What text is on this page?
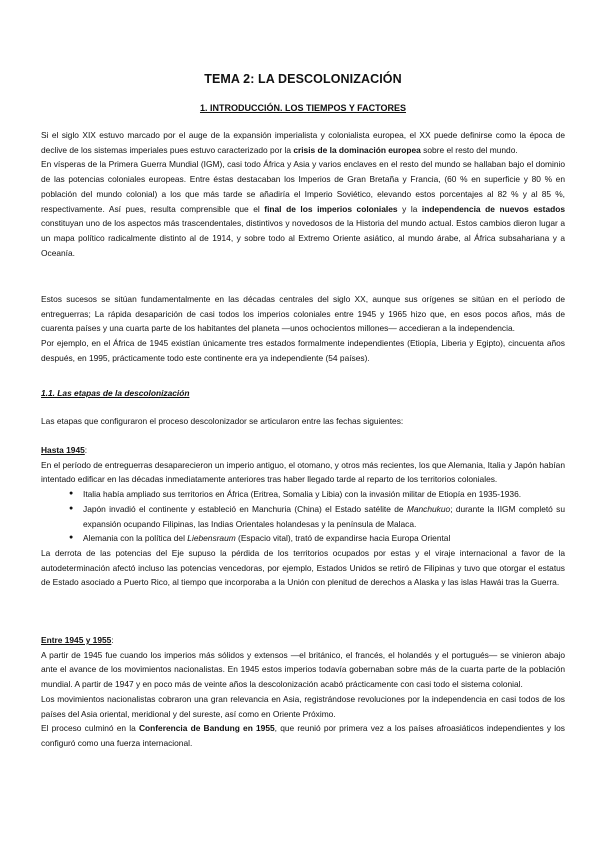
TEMA 2: LA DESCOLONIZACIÓN
1. INTRODUCCIÓN. LOS TIEMPOS Y FACTORES

Si el siglo XIX estuvo marcado por el auge de la expansión imperialista y colonialista europea, el XX puede definirse como la época de declive de los sistemas imperiales pues estuvo caracterizado por la crisis de la dominación europea sobre el resto del mundo.

En vísperas de la Primera Guerra Mundial (IGM), casi todo África y Asia y varios enclaves en el resto del mundo se hallaban bajo el dominio de las potencias coloniales europeas. Entre éstas destacaban los Imperios de Gran Bretaña y Francia, (60 % en superficie y 80 % en población del mundo colonial) a los que más tarde se añadiría el Imperio Soviético, elevando estos porcentajes al 82 % y al 85 %, respectivamente. Así pues, resulta comprensible que el final de los imperios coloniales y la independencia de nuevos estados constituyan uno de los aspectos más trascendentales, distintivos y novedosos de la Historia del mundo actual. Estos cambios dieron lugar a un mapa político radicalmente distinto al de 1914, y sobre todo al Extremo Oriente asiático, al mundo árabe, al África subsahariana y a Oceanía.

Estos sucesos se sitúan fundamentalmente en las décadas centrales del siglo XX, aunque sus orígenes se sitúan en el período de entreguerras; La rápida desaparición de casi todos los imperios coloniales entre 1945 y 1965 hizo que, en esos pocos años, más de cuarenta países y una cuarta parte de los habitantes del planeta —unos ochocientos millones— accedieran a la independencia.

Por ejemplo, en el África de 1945 existían únicamente tres estados formalmente independientes (Etiopía, Liberia y Egipto), cincuenta años después, en 1995, prácticamente todo este continente era ya independiente (54 países).

1.1. Las etapas de la descolonización

Las etapas que configuraron el proceso descolonizador se articularon entre las fechas siguientes:

Hasta 1945:

En el período de entreguerras desaparecieron un imperio antiguo, el otomano, y otros más recientes, los que Alemania, Italia y Japón habían intentado edificar en las décadas inmediatamente anteriores tras haber llegado tarde al reparto de los territorios coloniales.

● Italia había ampliado sus territorios en África (Eritrea, Somalia y Libia) con la invasión militar de Etiopía en 1935-1936.
● Japón invadió el continente y estableció en Manchuria (China) el Estado satélite de Manchukuo; durante la IIGM completó su expansión ocupando Filipinas, las Indias Orientales holandesas y la península de Malaca.
● Alemania con la política del Liebensraum (Espacio vital), trató de expandirse hacia Europa Oriental

La derrota de las potencias del Eje supuso la pérdida de los territorios ocupados por estas y el viraje internacional a favor de la autodeterminación afectó incluso las potencias vencedoras, por ejemplo, Estados Unidos se retiró de Filipinas y tuvo que otorgar el estatus de Estado asociado a Puerto Rico, al tiempo que incorporaba a la Unión con plenitud de derechos a Alaska y las islas Hawái tras la Guerra.

Entre 1945 y 1955:

A partir de 1945 fue cuando los imperios más sólidos y extensos —el británico, el francés, el holandés y el portugués— se vinieron abajo ante el avance de los movimientos nacionalistas. En 1945 estos imperios todavía gobernaban sobre más de la cuarta parte de la población mundial. A partir de 1947 y en poco más de veinte años la descolonización acabó prácticamente con casi todo el sistema colonial.

Los movimientos nacionalistas cobraron una gran relevancia en Asia, registrándose revoluciones por la independencia en casi todos de los países del Asia oriental, meridional y del sureste, así como en Oriente Próximo.

El proceso culminó en la Conferencia de Bandung en 1955, que reunió por primera vez a los países afroasiáticos independientes y los configuró como una fuerza internacional.
